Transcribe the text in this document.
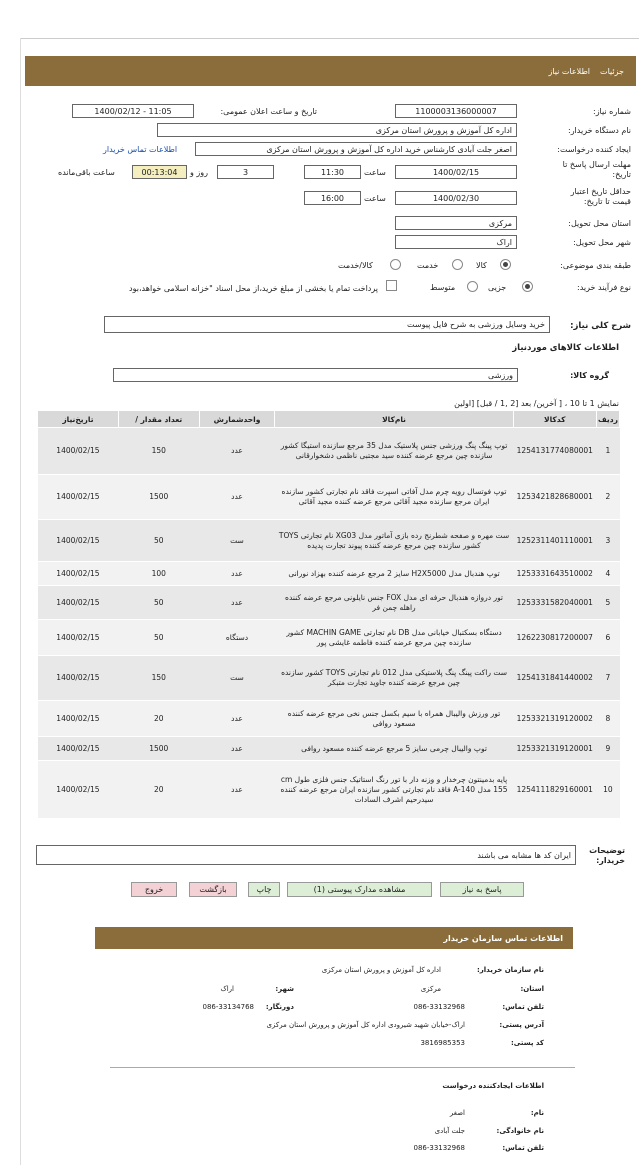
جزئیات
اطلاعات نیاز
شماره نیاز:
1100003136000007
تاریخ و ساعت اعلان عمومی:
1400/02/12 - 11:05
نام دستگاه خریدار:
اداره کل آموزش و پرورش استان مرکزی
ایجاد کننده درخواست:
اصغر جلت آبادی کارشناس خرید اداره کل آموزش و پرورش استان مرکزی
اطلاعات تماس خریدار
مهلت ارسال پاسخ تا تاریخ:
1400/02/15
ساعت
11:30
3
روز و
00:13:04
ساعت باقی‌مانده
حداقل تاریخ اعتبار قیمت تا تاریخ:
1400/02/30
ساعت
16:00
استان محل تحویل:
مرکزی
شهر محل تحویل:
اراک
طبقه بندی موضوعی:
کالا
خدمت
کالا/خدمت
نوع فرآیند خرید:
جزیی
متوسط
پرداخت تمام یا بخشی از مبلغ خرید،از محل اسناد "خزانه اسلامی خواهد،بود
شرح کلی نیاز:
خرید وسایل ورزشی به شرح فایل پیوست
اطلاعات کالاهای موردنیاز
گروه کالا:
ورزشی
نمایش 1 تا 10 ، [ آخرین/ بعد [2 ,1 / قبل] [اولین
ردیف	کدکالا	نام‌کالا	واحدشمارش	تعداد مقدار /	تاریخ‌نیاز
1	1254131774080001	توپ پینگ پنگ ورزشی جنس پلاستیک مدل 35 مرجع سازنده استیگا کشور سازنده چین مرجع عرضه کننده سید مجتبی ناظمی دشخوارقانی	عدد	150	1400/02/15
2	1253421828680001	توپ فوتسال رویه چرم مدل آفاتی اسپرت فاقد نام تجارتی کشور سازنده ایران مرجع سازنده مجید آقائی مرجع عرضه کننده مجید آقائی	عدد	1500	1400/02/15
3	1252311401110001	ست مهره و صفحه شطرنج رده بازی آماتور مدل XG03 نام تجارتی TOYS کشور سازنده چین مرجع عرضه کننده پیوند تجارت پدیده	ست	50	1400/02/15
4	1253331643510002	توپ هندبال مدل H2X5000 سایز 2 مرجع عرضه کننده بهزاد نورانی	عدد	100	1400/02/15
5	1253331582040001	تور دروازه هندبال حرفه ای مدل FOX جنس نایلونی مرجع عرضه کننده راهله چمن فر	عدد	50	1400/02/15
6	1262230817200007	دستگاه بسکتبال خیابانی مدل DB نام تجارتی MACHIN GAME کشور سازنده چین مرجع عرضه کننده فاطمه غایشی پور	دستگاه	50	1400/02/15
7	1254131841440002	ست راکت پینگ پنگ پلاستیکی مدل 012 نام تجارتی TOYS کشور سازنده چین مرجع عرضه کننده جاوید تجارت متبکر	ست	150	1400/02/15
8	1253321319120002	تور ورزش والیبال همراه با سیم بکسل جنس نخی مرجع عرضه کننده مسعود روافی	عدد	20	1400/02/15
9	1253321319120001	توپ والیبال چرمی سایز 5 مرجع عرضه کننده مسعود روافی	عدد	1500	1400/02/15
10	1254111829160001	پایه بدمینتون چرخدار و وزنه دار با تور رنگ استاتیک جنس فلزی طول cm 155 مدل A-140 فاقد نام تجارتی کشور سازنده ایران مرجع عرضه کننده سیدرحیم اشرف السادات	عدد	20	1400/02/15
توضیحات خریدار:
ایران کد ها مشابه می باشند
پاسخ به نیاز
مشاهده مدارک پیوستی (1)
چاپ
بازگشت
خروج
اطلاعات تماس سازمان خریدار
نام سازمان خریدار:
اداره کل آموزش و پرورش استان مرکزی
استان:
مرکزی
شهر:
اراک
تلفن تماس:
086-33132968
دورنگار:
086-33134768
آدرس پستی:
اراک-خیابان شهید شیرودی اداره کل آموزش و پرورش استان مرکزی
کد پستی:
3816985353
اطلاعات ایجادکننده درخواست
نام:
اصغر
نام خانوادگی:
جلت آبادی
تلفن تماس:
086-33132968
